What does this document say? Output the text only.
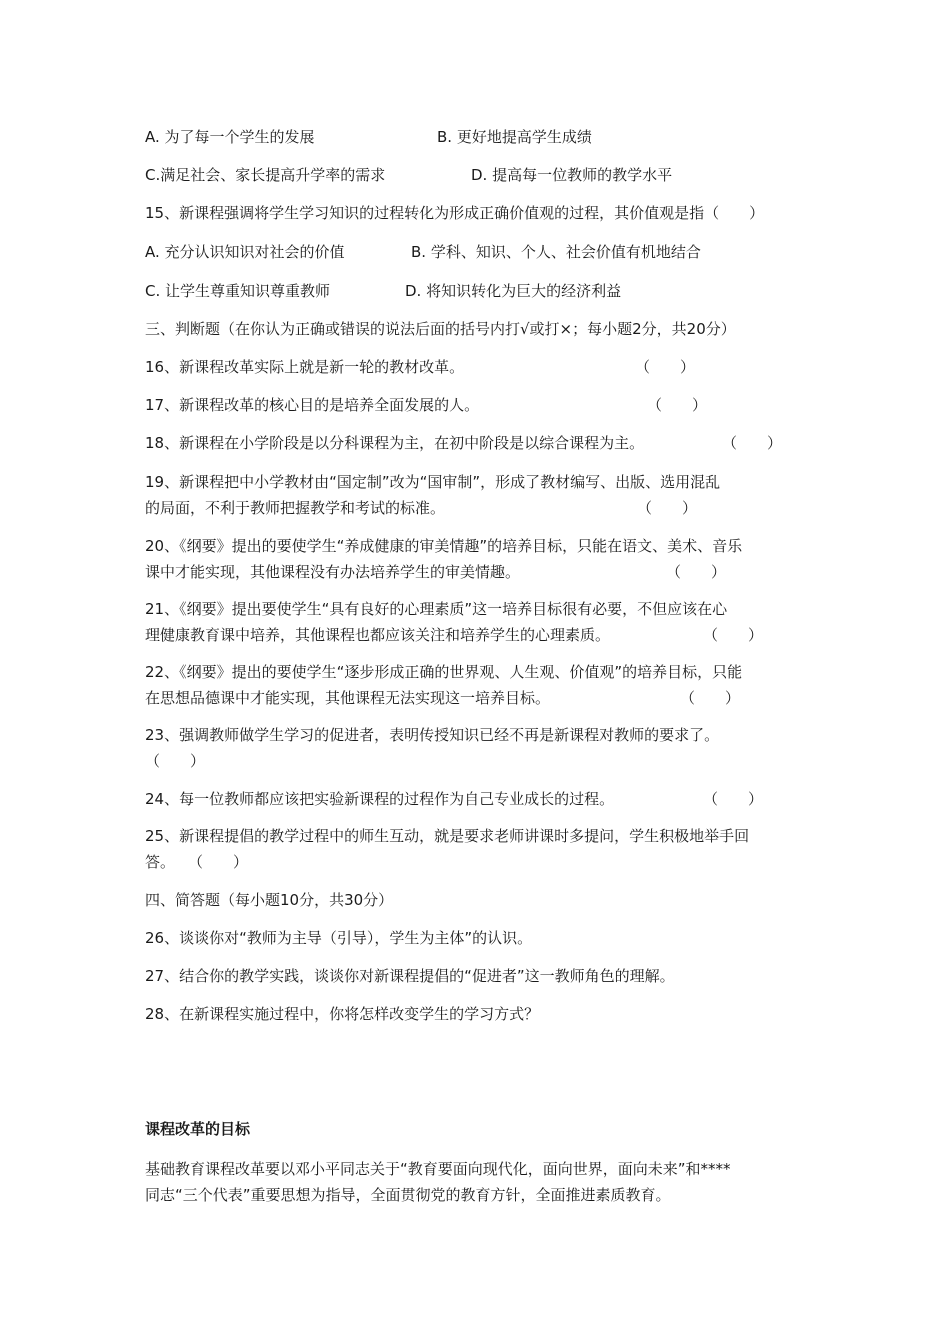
A. 为了每一个学生的发展	B. 更好地提高学生成绩

C.满足社会、家长提高升学率的需求	D. 提高每一位教师的教学水平

15、新课程强调将学生学习知识的过程转化为形成正确价值观的过程，其价值观是指（　　）

A. 充分认识知识对社会的价值	B. 学科、知识、个人、社会价值有机地结合

C. 让学生尊重知识尊重教师	D. 将知识转化为巨大的经济利益

三、判断题（在你认为正确或错误的说法后面的括号内打√或打×；每小题2分，共20分）

16、新课程改革实际上就是新一轮的教材改革。	（　　）

17、新课程改革的核心目的是培养全面发展的人。	（　　）

18、新课程在小学阶段是以分科课程为主，在初中阶段是以综合课程为主。	（　　）

19、新课程把中小学教材由“国定制”改为“国审制”，形成了教材编写、出版、选用混乱

的局面，不利于教师把握教学和考试的标准。	（　　）

20、《纲要》提出的要使学生“养成健康的审美情趣”的培养目标，只能在语文、美术、音乐

课中才能实现，其他课程没有办法培养学生的审美情趣。	（　　）

21、《纲要》提出要使学生“具有良好的心理素质”这一培养目标很有必要，不但应该在心

理健康教育课中培养，其他课程也都应该关注和培养学生的心理素质。	（　　）

22、《纲要》提出的要使学生“逐步形成正确的世界观、人生观、价值观”的培养目标，只能

在思想品德课中才能实现，其他课程无法实现这一培养目标。	（　　）

23、强调教师做学生学习的促进者，表明传授知识已经不再是新课程对教师的要求了。

（　　）

24、每一位教师都应该把实验新课程的过程作为自己专业成长的过程。	（　　）

25、新课程提倡的教学过程中的师生互动，就是要求老师讲课时多提问，学生积极地举手回

答。 （　　）

四、简答题（每小题10分，共30分）

26、谈谈你对“教师为主导（引导），学生为主体”的认识。

27、结合你的教学实践，谈谈你对新课程提倡的“促进者”这一教师角色的理解。

28、在新课程实施过程中，你将怎样改变学生的学习方式？

课程改革的目标

基础教育课程改革要以邓小平同志关于“教育要面向现代化，面向世界，面向未来”和****

同志“三个代表”重要思想为指导，全面贯彻党的教育方针，全面推进素质教育。
